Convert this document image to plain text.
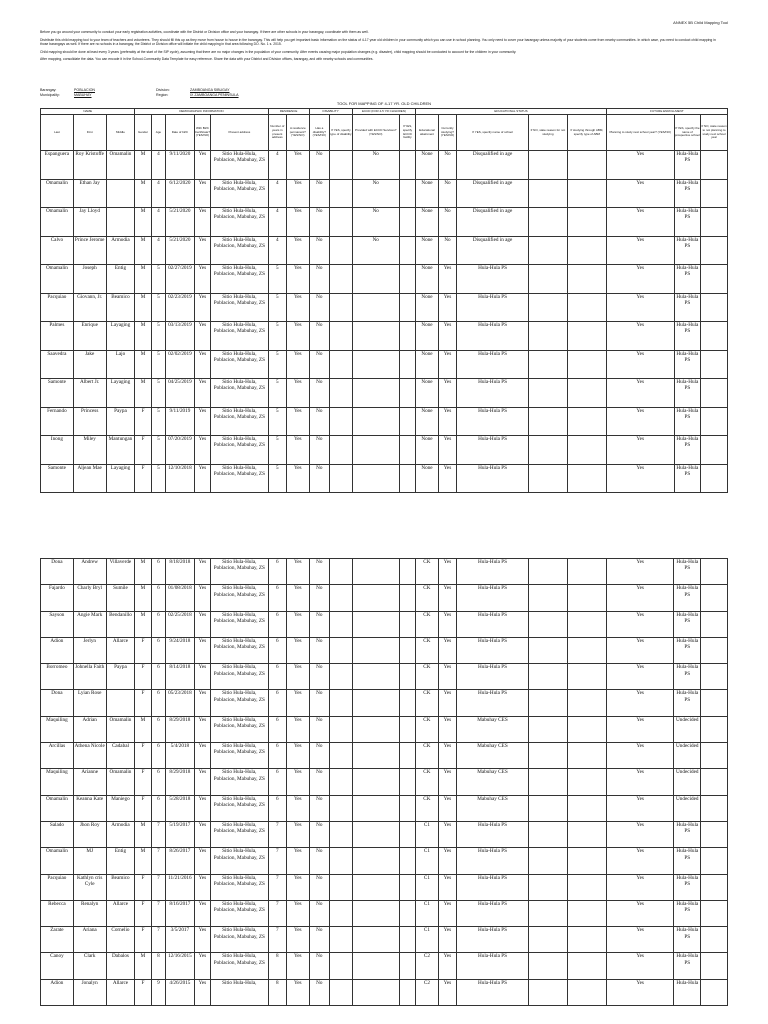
ANNEX 5B Child Mapping Tool

Before you go around your community to conduct your early registration activities, coordinate with the District or Division office and your barangay. If there are other schools in your barangay, coordinate with them as well.

Distribute this child mapping tool to your team of teachers and volunteers. They should fill this up as they move from house to house in the barangay. This will help you get important basic information on the status of 4-17 year old children in your community which you can use in school planning. You only need to cover your barangay unless majority of your students come from nearby communities. In which case, you need to conduct child mapping in those barangays as well. If there are no schools in a barangay, the District or Division office will initiate the child mapping in that area following DO. No. 1 s. 2015.

Child mapping should be done at least every 3 years (preferably at the start of the SIP cycle), assuming that there are no major changes in the population of your community. After events causing major population changes (e.g. disaster), child mapping should be conducted to account for the children in your community.

After mapping, consolidate the data. You can encode it in the School-Community Data Template for easy reference. Share the data with your District and Division offices, barangay, and with nearby schools and communities.

Barangay:	POBLACION	Division:	ZAMBOANGA SIBUGAY
Municipality:	MABUHAY	Region:	IX ZAMBOANGA PENINSULA
TOOL FOR MAPPING OF 4-17 YR. OLD CHILDREN
NAME			DEMOGRAPHIC INFORMATION					RESIDENCE		DISABILITY		ECCD (FOR 4-5 YR CHILDREN)		EDUCATIONAL STATUS					FUTURE ENROLLMENT		
Last	First	Middle	Gender	Age	Date of birth	With Birth Certificate? (YES/NO)	Present address	Number of years in present address	A residence permanent? (YES/NO)	Has a disability? (YES/NO)	If YES, specify type of disability	Provided with ECCD Services? (YES/NO)	If YES, specify ECCD facility	Educational attainment	Currently studying? (YES/NO)	If YES, specify name of school	If NO, state reason for not studying	If studying through ABM, specify type of ABM	Planning to study next school year? (YES/NO)	If YES, specify the name of prospective school	If NO, state reason to not planning to study next school year
Espanguera	Roy Kristoffe	Omamalin	M	4	9/11/2020	Yes	Sitio Hula-Hula, Poblacion, Mabuhay, ZS	4	Yes	No		No		None	No	Disqualified in age			Yes	Hula-Hula PS	
Omamalin	Ethan Jay		M	4	6/12/2020	Yes	Sitio Hula-Hula, Poblacion, Mabuhay, ZS	4	Yes	No		No		None	No	Disqualified in age			Yes	Hula-Hula PS	
Omamalin	Jay Lloyd		M	4	5/21/2020	Yes	Sitio Hula-Hula, Poblacion, Mabuhay, ZS	4	Yes	No		No		None	No	Disqualified in age			Yes	Hula-Hula PS	
Calvo	Prince Jerome	Armodia	M	4	5/21/2020	Yes	Sitio Hula-Hula, Poblacion, Mabuhay, ZS	4	Yes	No		No		None	No	Disqualified in age			Yes	Hula-Hula PS	
Omamalin	Joseph	Entig	M	5	02/27/2019	Yes	Sitio Hula-Hula, Poblacion, Mabuhay, ZS	5	Yes	No				None	Yes	Hula-Hula PS			Yes	Hula-Hula PS	
Pacquiao	Giovann, Jr.	Beamico	M	5	02/23/2019	Yes	Sitio Hula-Hula, Poblacion, Mabuhay, ZS	5	Yes	No				None	Yes	Hula-Hula PS			Yes	Hula-Hula PS	
Palmes	Enrique	Layaging	M	5	03/13/2019	Yes	Sitio Hula-Hula, Poblacion, Mabuhay, ZS	5	Yes	No				None	Yes	Hula-Hula PS			Yes	Hula-Hula PS	
Saavedra	Jake	Lajo	M	5	02/02/2019	Yes	Sitio Hula-Hula, Poblacion, Mabuhay, ZS	5	Yes	No				None	Yes	Hula-Hula PS			Yes	Hula-Hula PS	
Samonte	Albert Jr.	Layaging	M	5	04/25/2019	Yes	Sitio Hula-Hula, Poblacion, Mabuhay, ZS	5	Yes	No				None	Yes	Hula-Hula PS			Yes	Hula-Hula PS	
Fernando	Princess	Paypa	F	5	9/11/2019	Yes	Sitio Hula-Hula, Poblacion, Mabuhay, ZS	5	Yes	No				None	Yes	Hula-Hula PS			Yes	Hula-Hula PS	
Inong	Miley	Mantungan	F	5	07/20/2019	Yes	Sitio Hula-Hula, Poblacion, Mabuhay, ZS	5	Yes	No				None	Yes	Hula-Hula PS			Yes	Hula-Hula PS	
Samonte	Aljean Mae	Layaging	F	5	12/10/2018	Yes	Sitio Hula-Hula, Poblacion, Mabuhay, ZS	5	Yes	No				None	Yes	Hula-Hula PS			Yes	Hula-Hula PS	
Dona	Andrew	Villaverde	M	6	8/18/2018	Yes	Sitio Hula-Hula, Poblacion, Mabuhay, ZS	6	Yes	No				CK	Yes	Hula-Hula PS			Yes	Hula-Hula PS	
Fajardo	Charly Bryl	Sumile	M	6	01/08/2018	Yes	Sitio Hula-Hula, Poblacion, Mabuhay, ZS	6	Yes	No				CK	Yes	Hula-Hula PS			Yes	Hula-Hula PS	
Sayson	Angie Mark	Bendanillo	M	6	02/25/2018	Yes	Sitio Hula-Hula, Poblacion, Mabuhay, ZS	6	Yes	No				CK	Yes	Hula-Hula PS			Yes	Hula-Hula PS	
Adion	Jerlyn	Allarce	F	6	9/24/2018	Yes	Sitio Hula-Hula, Poblacion, Mabuhay, ZS	6	Yes	No				CK	Yes	Hula-Hula PS			Yes	Hula-Hula PS	
Borromeo	Johnella Faith	Paypa	F	6	8/14/2018	Yes	Sitio Hula-Hula, Poblacion, Mabuhay, ZS	6	Yes	No				CK	Yes	Hula-Hula PS			Yes	Hula-Hula PS	
Dona	Lyian Rose		F	6	05/23/2018	Yes	Sitio Hula-Hula, Poblacion, Mabuhay, ZS	6	Yes	No				CK	Yes	Hula-Hula PS			Yes	Hula-Hula PS	
Maquiling	Adrian	Omamalin	M	6	8/29/2018	Yes	Sitio Hula-Hula, Poblacion, Mabuhay, ZS	6	Yes	No				CK	Yes	Mabuhay CES			Yes	Undecided	
Arcillas	Athena Nicole	Cadabal	F	6	5/4/2018	Yes	Sitio Hula-Hula, Poblacion, Mabuhay, ZS	6	Yes	No				CK	Yes	Mabuhay CES			Yes	Undecided	
Maquiling	Arianne	Omamalin	F	6	8/29/2018	Yes	Sitio Hula-Hula, Poblacion, Mabuhay, ZS	6	Yes	No				CK	Yes	Mabuhay CES			Yes	Undecided	
Omamalin	Keanna Kate	Maniego	F	6	5/28/2018	Yes	Sitio Hula-Hula, Poblacion, Mabuhay, ZS	6	Yes	No				CK	Yes	Mabuhay CES			Yes	Undecided	
Salado	Jhon Roy	Armodia	M	7	5/19/2017	Yes	Sitio Hula-Hula, Poblacion, Mabuhay, ZS	7	Yes	No				C1	Yes	Hula-Hula PS			Yes	Hula-Hula PS	
Omamalin	MJ	Entig	M	7	8/26/2017	Yes	Sitio Hula-Hula, Poblacion, Mabuhay, ZS	7	Yes	No				C1	Yes	Hula-Hula PS			Yes	Hula-Hula PS	
Pacquiao	Kathlyn cris Cyle	Beamico	F	7	11/21/2016	Yes	Sitio Hula-Hula, Poblacion, Mabuhay, ZS	7	Yes	No				C1	Yes	Hula-Hula PS			Yes	Hula-Hula PS	
Rebecca	Renalyn	Allarce	F	7	8/16/2017	Yes	Sitio Hula-Hula, Poblacion, Mabuhay, ZS	7	Yes	No				C1	Yes	Hula-Hula PS			Yes	Hula-Hula PS	
Zarate	Ariana	Cornelio	F	7	3/5/2017	Yes	Sitio Hula-Hula, Poblacion, Mabuhay, ZS	7	Yes	No				C1	Yes	Hula-Hula PS			Yes	Hula-Hula PS	
Canoy	Clark	Dabalos	M	8	12/16/2015	Yes	Sitio Hula-Hula, Poblacion, Mabuhay, ZS	8	Yes	No				C2	Yes	Hula-Hula PS			Yes	Hula-Hula PS	
Adion	Jonalyn	Allarce	F	9	4/26/2015	Yes	Sitio Hula-Hula,	8	Yes	No				C2	Yes	Hula-Hula PS			Yes	Hula-Hula	
